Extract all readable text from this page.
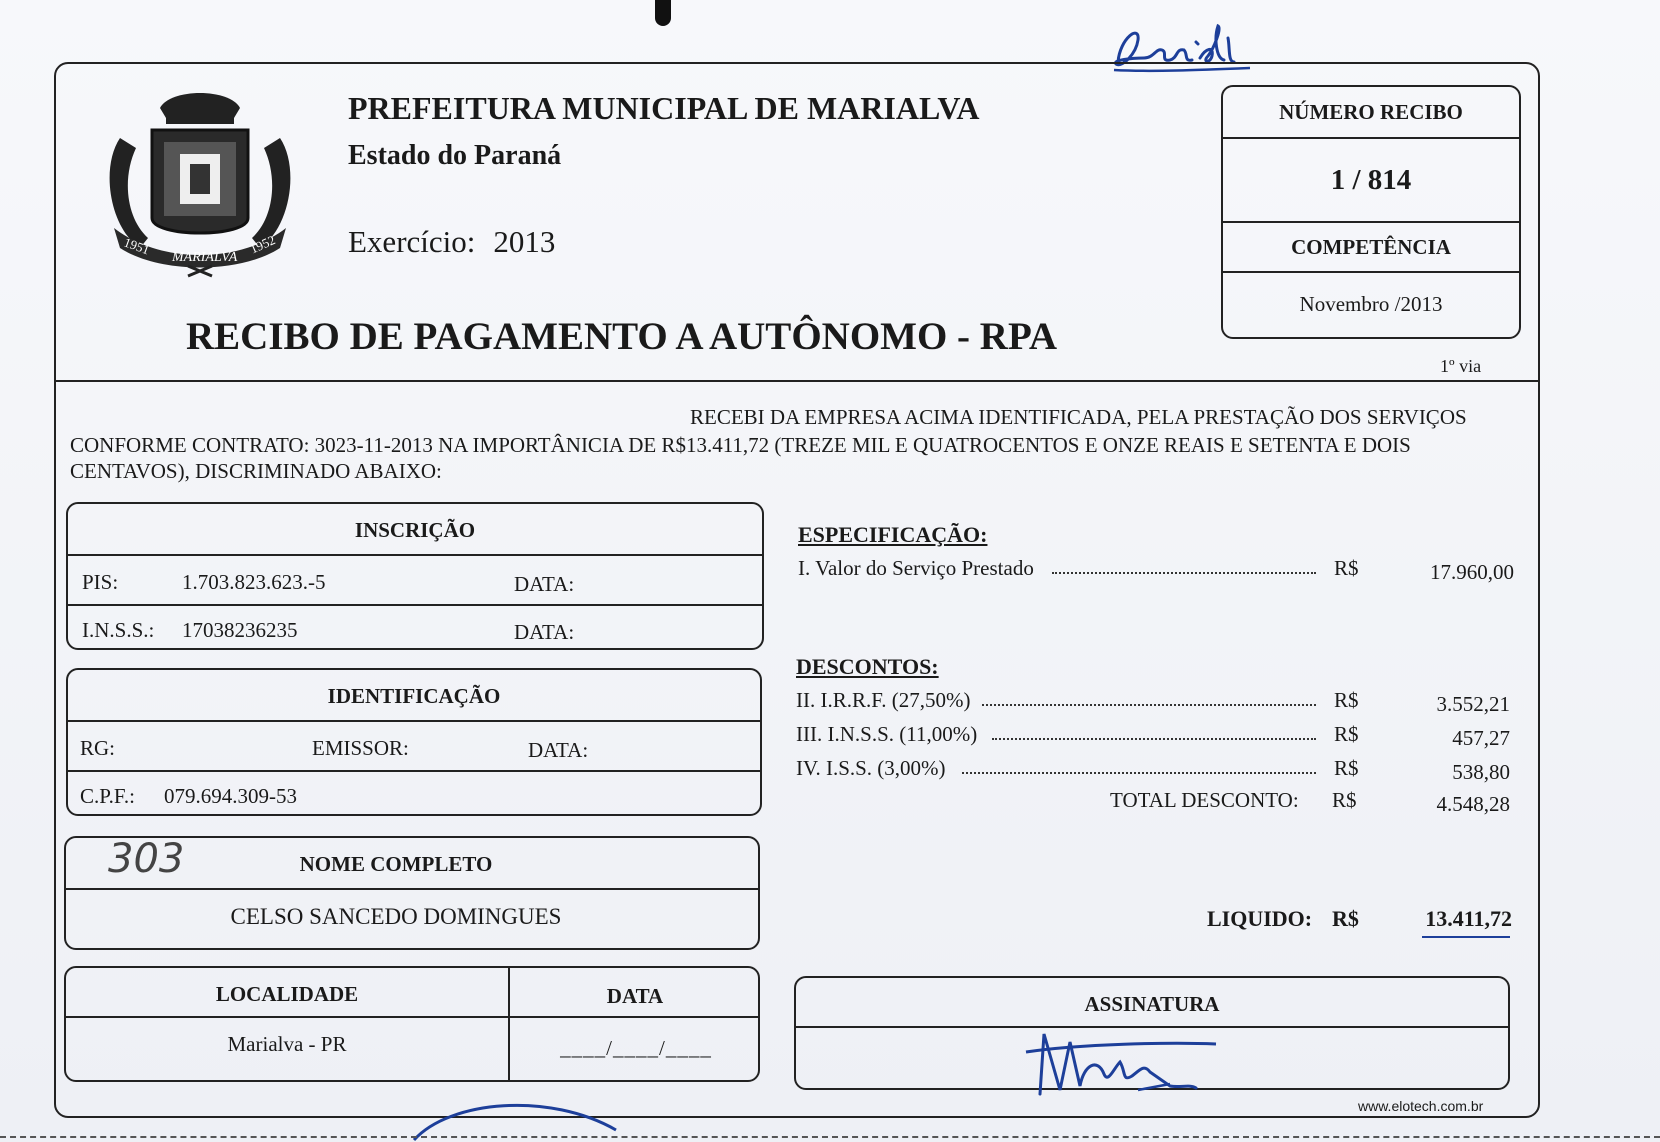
1951
MARIALVA
1952
PREFEITURA MUNICIPAL DE MARIALVA
Estado do Paraná
Exercício: 2013
RECIBO DE PAGAMENTO A AUTÔNOMO - RPA
NÚMERO RECIBO
1 / 814
COMPETÊNCIA
Novembro /2013
1º via
RECEBI DA EMPRESA ACIMA IDENTIFICADA, PELA PRESTAÇÃO DOS SERVIÇOS
CONFORME CONTRATO: 3023-11-2013 NA IMPORTÂNICIA DE R$13.411,72 (TREZE MIL E QUATROCENTOS E ONZE REAIS E SETENTA E DOIS CENTAVOS), DISCRIMINADO ABAIXO:
INSCRIÇÃO
PIS:	1.703.823.623.-5	DATA:
I.N.S.S.: 17038236235	DATA:
IDENTIFICAÇÃO
RG:	EMISSOR:	DATA:
C.P.F.: 079.694.309-53
NOME COMPLETO
CELSO SANCEDO DOMINGUES
303
LOCALIDADE	DATA
Marialva - PR	____/____/____
ESPECIFICAÇÃO:
I. Valor do Serviço Prestado	R$	17.960,00
DESCONTOS:
II. I.R.R.F. (27,50%)	R$	3.552,21
III. I.N.S.S. (11,00%)	R$	457,27
IV. I.S.S. (3,00%)	R$	538,80
TOTAL DESCONTO: R$	4.548,28
LIQUIDO: R$	13.411,72
ASSINATURA
www.elotech.com.br
